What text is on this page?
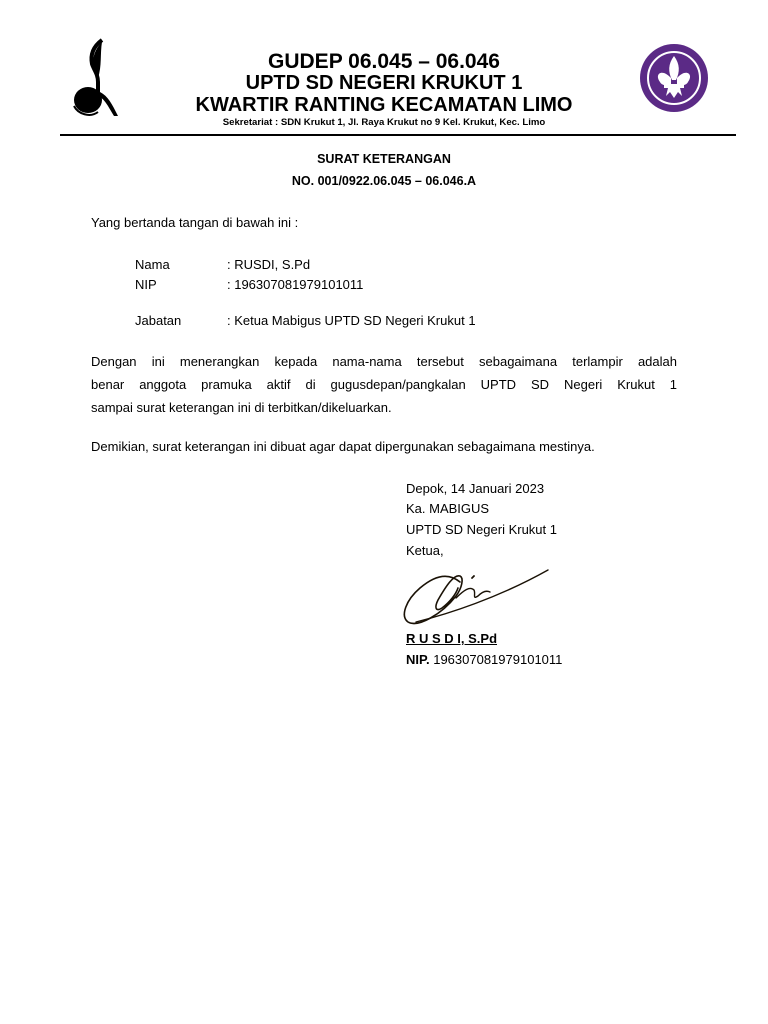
GUDEP 06.045 – 06.046
UPTD SD NEGERI KRUKUT 1
KWARTIR RANTING KECAMATAN LIMO
Sekretariat : SDN Krukut 1, Jl. Raya Krukut no 9 Kel. Krukut, Kec. Limo
SURAT KETERANGAN
NO. 001/0922.06.045 – 06.046.A
Yang bertanda tangan di bawah ini :
Nama	: RUSDI, S.Pd
NIP	: 196307081979101011
Jabatan	: Ketua Mabigus UPTD SD Negeri Krukut 1
Dengan ini menerangkan kepada nama-nama tersebut sebagaimana terlampir adalah
benar anggota pramuka aktif di gugusdepan/pangkalan UPTD SD Negeri Krukut 1
sampai surat keterangan ini di terbitkan/dikeluarkan.
Demikian, surat keterangan ini dibuat agar dapat dipergunakan sebagaimana mestinya.
Depok, 14 Januari 2023
Ka. MABIGUS
UPTD SD Negeri Krukut 1
Ketua,
R U S D I, S.Pd
NIP. 196307081979101011
